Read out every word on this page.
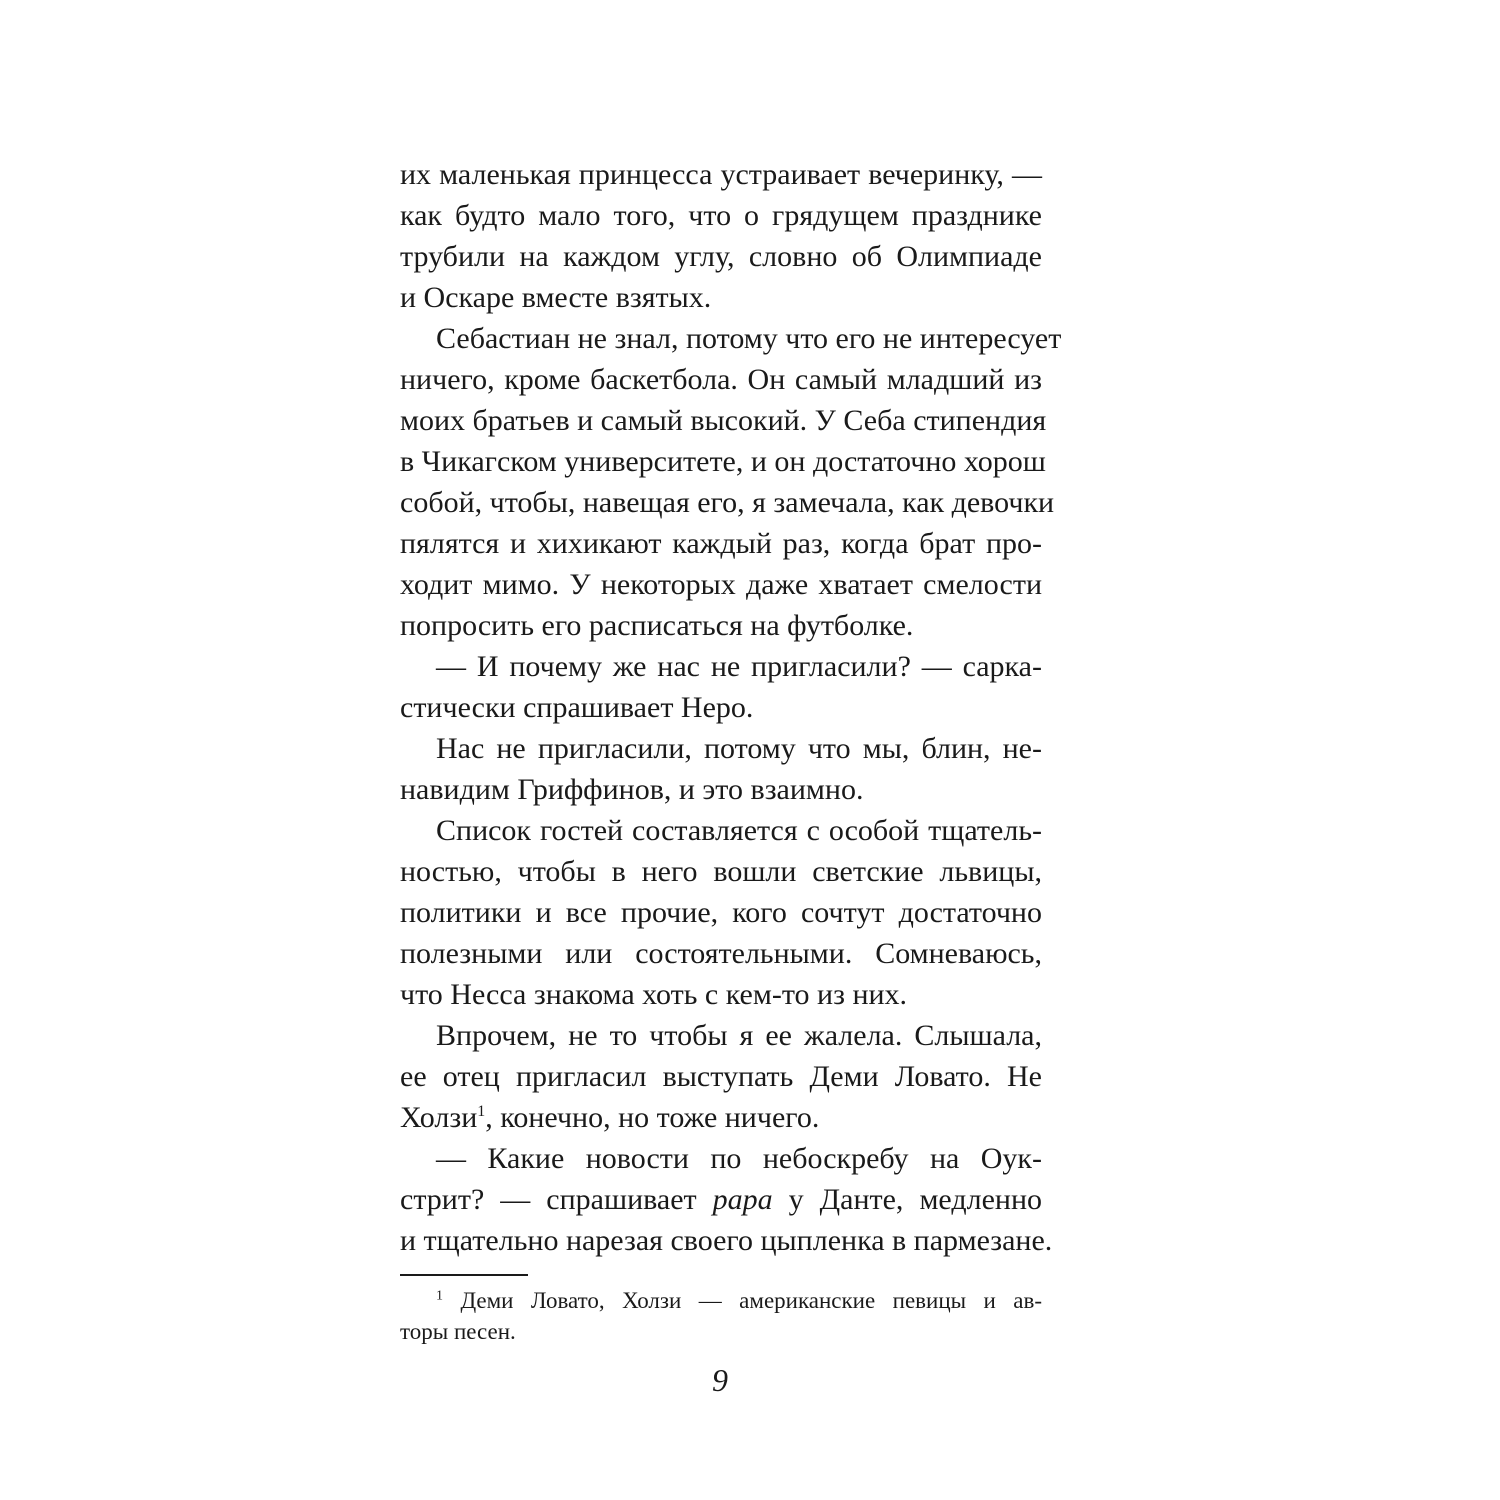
их маленькая принцесса устраивает вечеринку, —
как будто мало того, что о грядущем празднике
трубили на каждом углу, словно об Олимпиаде
и Оскаре вместе взятых.
Себастиан не знал, потому что его не интересует
ничего, кроме баскетбола. Он самый младший из
моих братьев и самый высокий. У Себа стипендия
в Чикагском университете, и он достаточно хорош
собой, чтобы, навещая его, я замечала, как девочки
пялятся и хихикают каждый раз, когда брат про-
ходит мимо. У некоторых даже хватает смелости
попросить его расписаться на футболке.
— И почему же нас не пригласили? — сарка-
стически спрашивает Неро.
Нас не пригласили, потому что мы, блин, не-
навидим Гриффинов, и это взаимно.
Список гостей составляется с особой тщатель-
ностью, чтобы в него вошли светские львицы,
политики и все прочие, кого сочтут достаточно
полезными или состоятельными. Сомневаюсь,
что Несса знакома хоть с кем-то из них.
Впрочем, не то чтобы я ее жалела. Слышала,
ее отец пригласил выступать Деми Ловато. Не
Холзи$^1$, конечно, но тоже ничего.
— Какие новости по небоскребу на Оук-
стрит? — спрашивает papa у Данте, медленно
и тщательно нарезая своего цыпленка в пармезане.
$^1$ Деми Ловато, Холзи — американские певицы и ав-
торы песен.
9
